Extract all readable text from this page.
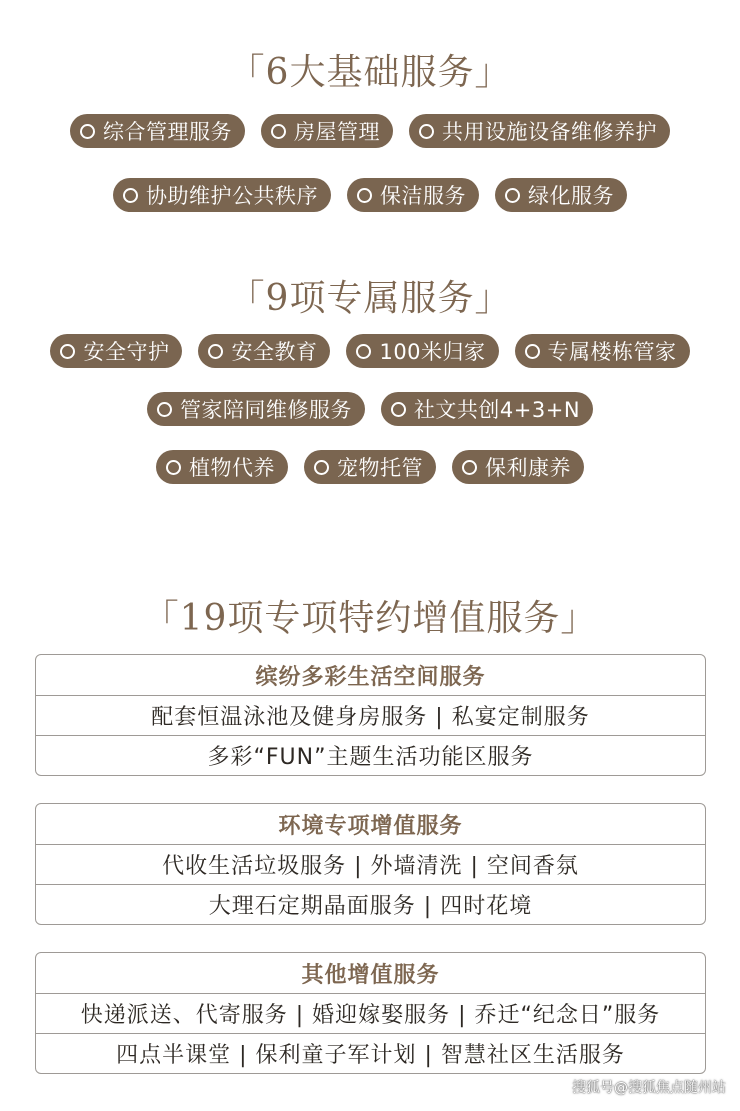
「6大基础服务」
综合管理服务	房屋管理	共用设施设备维修养护
协助维护公共秩序	保洁服务	绿化服务
「9项专属服务」
安全守护	安全教育	100米归家	专属楼栋管家
管家陪同维修服务	社文共创4+3+N
植物代养	宠物托管	保利康养
「19项专项特约增值服务」
缤纷多彩生活空间服务
配套恒温泳池及健身房服务 | 私宴定制服务
多彩“FUN”主题生活功能区服务
环境专项增值服务
代收生活垃圾服务 | 外墙清洗 | 空间香氛
大理石定期晶面服务 | 四时花境
其他增值服务
快递派送、代寄服务 | 婚迎嫁娶服务 | 乔迁“纪念日”服务
四点半课堂 | 保利童子军计划 | 智慧社区生活服务
搜狐号@搜狐焦点随州站
